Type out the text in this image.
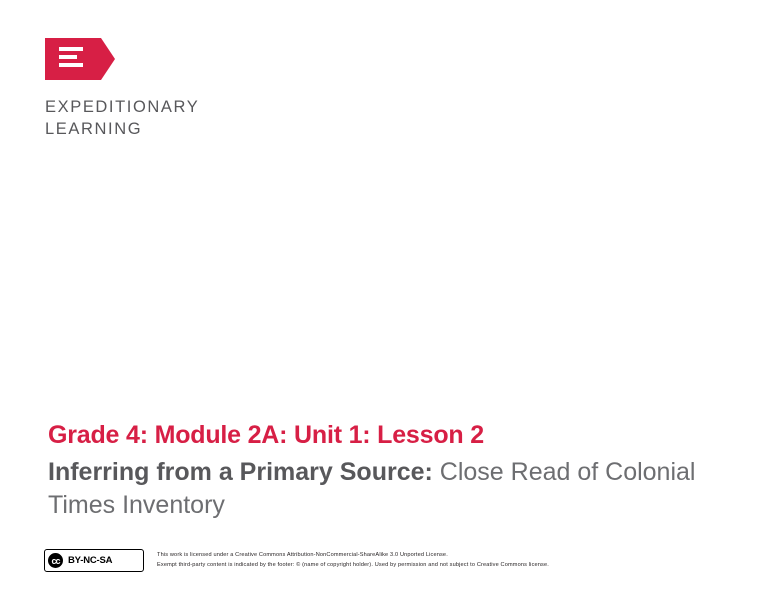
EXPEDITIONARY
LEARNING
Grade 4: Module 2A: Unit 1: Lesson 2

Inferring from a Primary Source: Close Read of Colonial Times Inventory

cc BY-NC-SA
This work is licensed under a Creative Commons Attribution-NonCommercial-ShareAlike 3.0 Unported License.
Exempt third-party content is indicated by the footer: © (name of copyright holder). Used by permission and not subject to Creative Commons license.
